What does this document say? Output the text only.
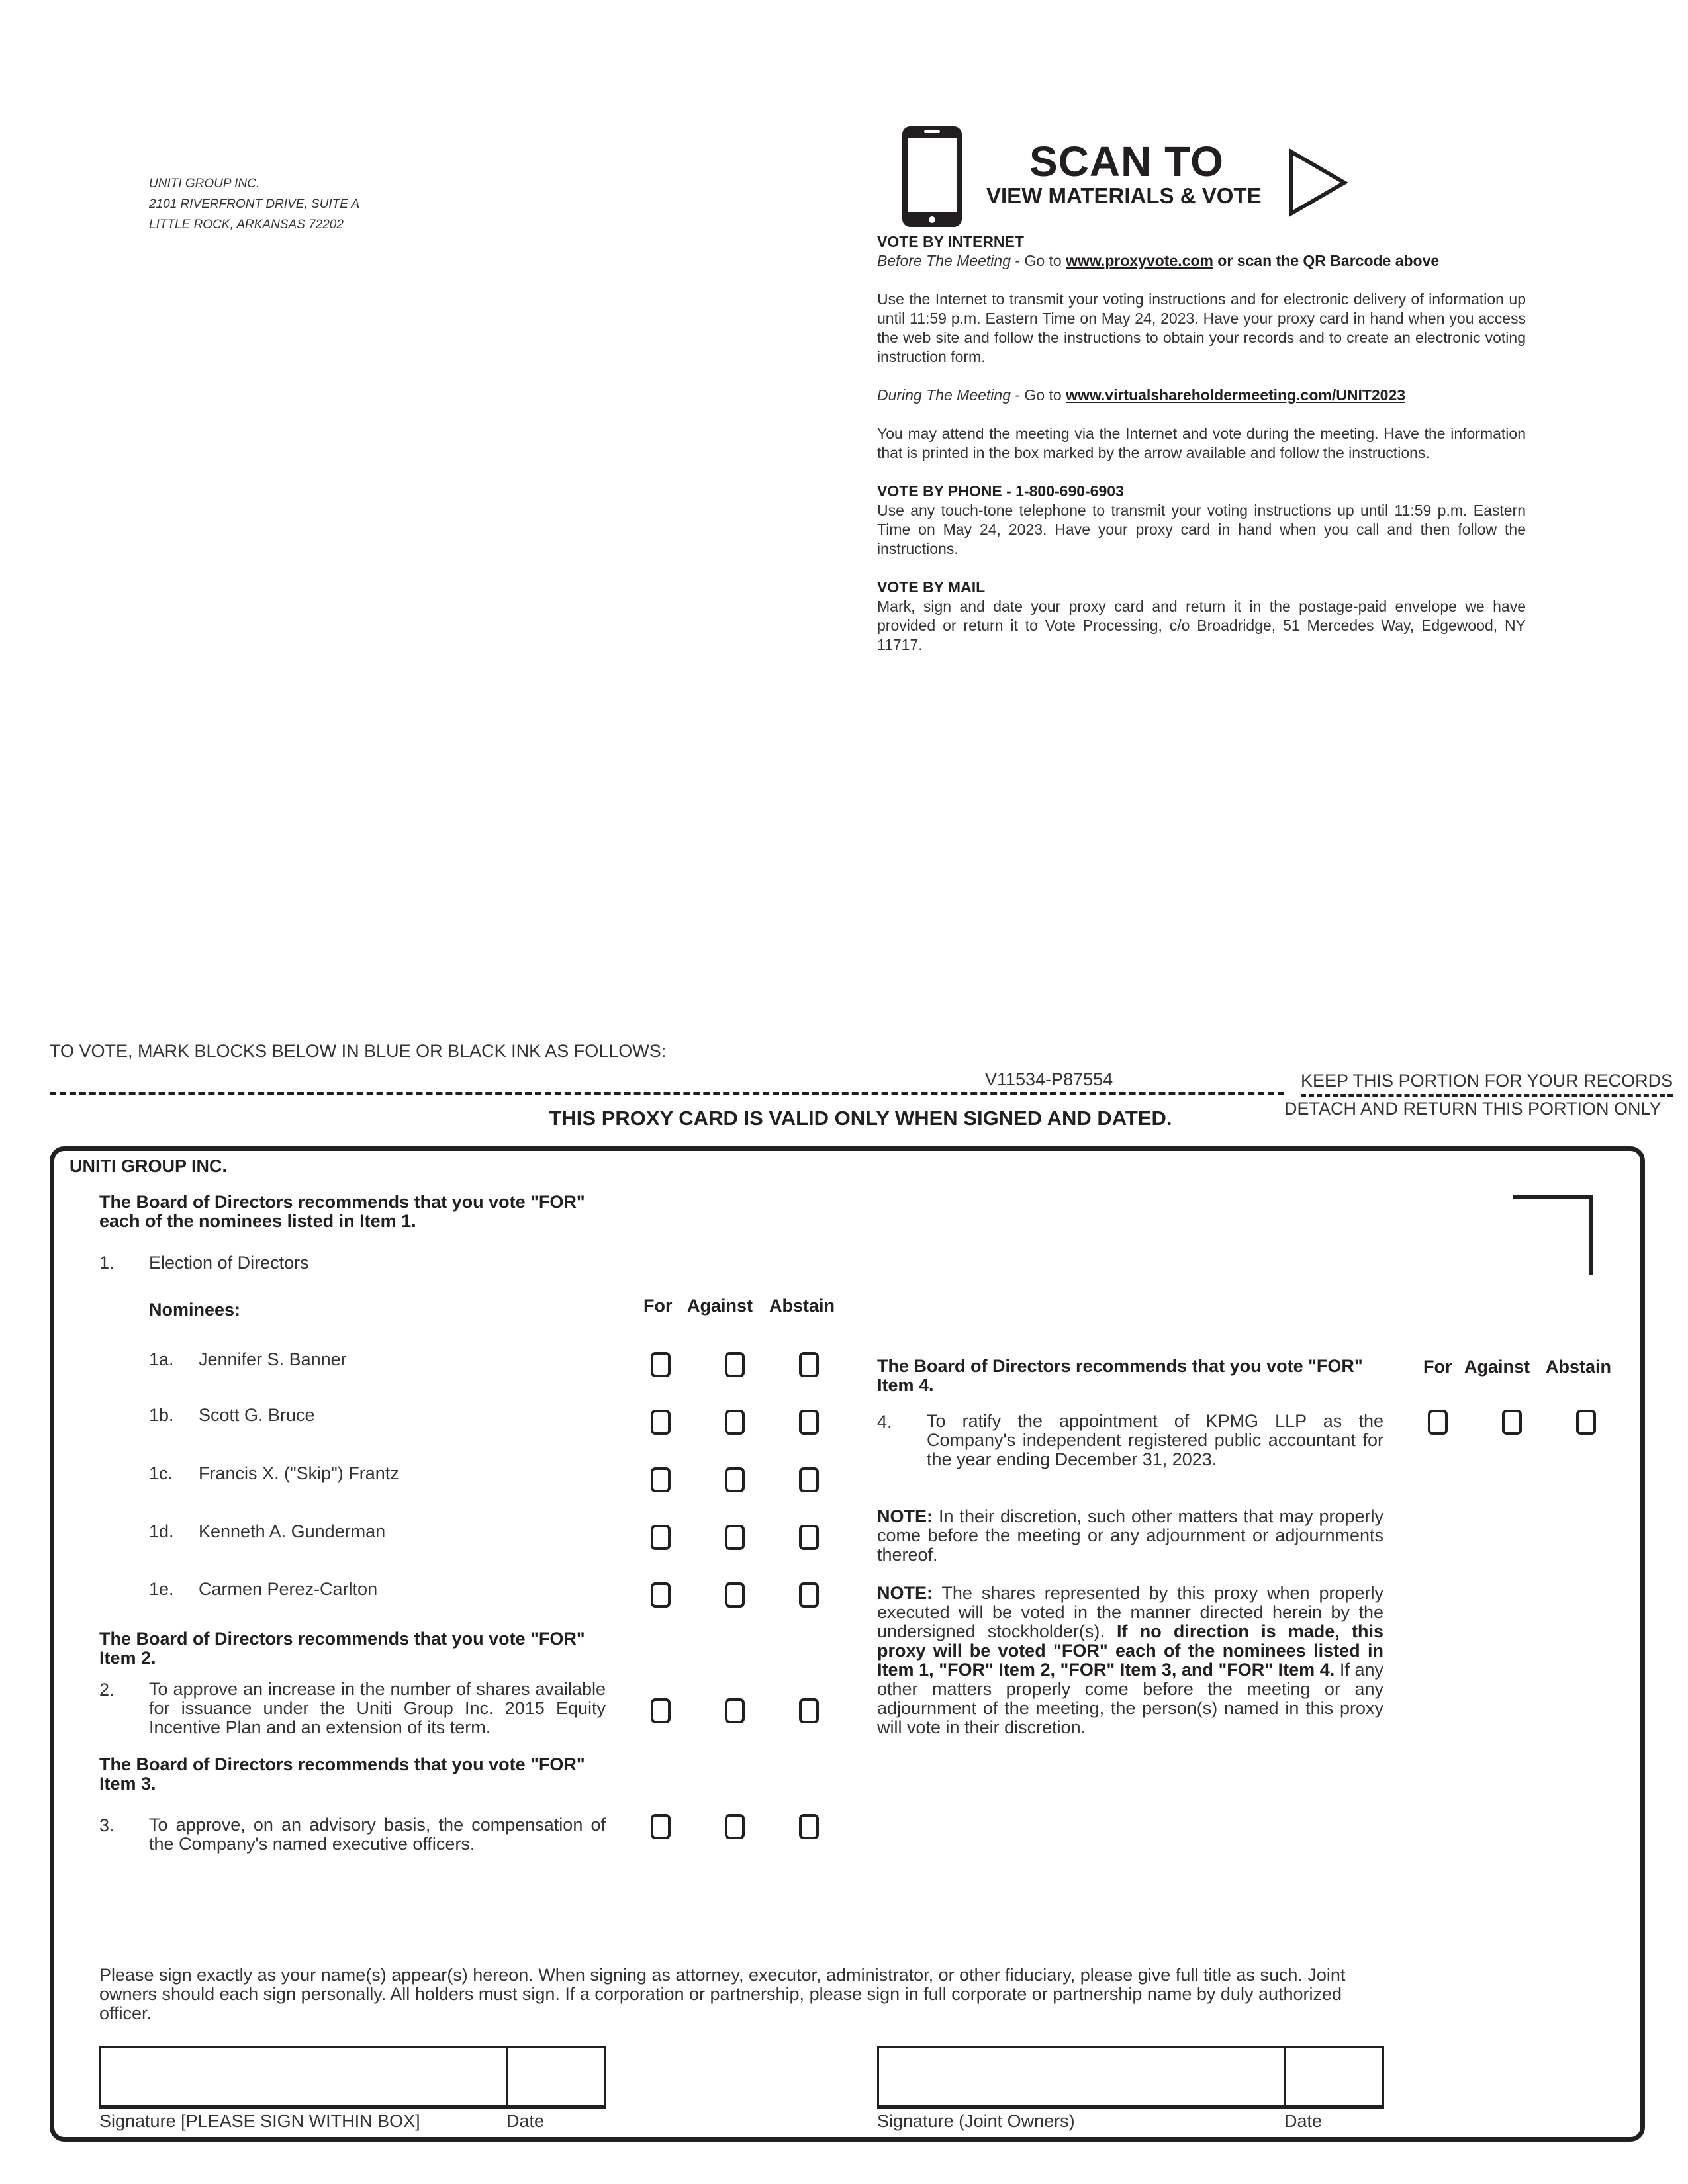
UNITI GROUP INC.
2101 RIVERFRONT DRIVE, SUITE A
LITTLE ROCK, ARKANSAS 72202
SCAN TO
VIEW MATERIALS & VOTE

VOTE BY INTERNET

Before The Meeting - Go to www.proxyvote.com or scan the QR Barcode above

Use the Internet to transmit your voting instructions and for electronic delivery of information up until 11:59 p.m. Eastern Time on May 24, 2023. Have your proxy card in hand when you access the web site and follow the instructions to obtain your records and to create an electronic voting instruction form.

During The Meeting - Go to www.virtualshareholdermeeting.com/UNIT2023

You may attend the meeting via the Internet and vote during the meeting. Have the information that is printed in the box marked by the arrow available and follow the instructions.

VOTE BY PHONE - 1-800-690-6903

Use any touch-tone telephone to transmit your voting instructions up until 11:59 p.m. Eastern Time on May 24, 2023. Have your proxy card in hand when you call and then follow the instructions.

VOTE BY MAIL

Mark, sign and date your proxy card and return it in the postage-paid envelope we have provided or return it to Vote Processing, c/o Broadridge, 51 Mercedes Way, Edgewood, NY 11717.

TO VOTE, MARK BLOCKS BELOW IN BLUE OR BLACK INK AS FOLLOWS:
V11534-P87554	KEEP THIS PORTION FOR YOUR RECORDS
DETACH AND RETURN THIS PORTION ONLY
THIS PROXY CARD IS VALID ONLY WHEN SIGNED AND DATED.
UNITI GROUP INC.
The Board of Directors recommends that you vote "FOR" each of the nominees listed in Item 1.
1. Election of Directors
Nominees:	For Against Abstain
1a. Jennifer S. Banner
1b. Scott G. Bruce
1c. Francis X. ("Skip") Frantz
1d. Kenneth A. Gunderman
1e. Carmen Perez-Carlton
The Board of Directors recommends that you vote "FOR" Item 2.
2. To approve an increase in the number of shares available for issuance under the Uniti Group Inc. 2015 Equity Incentive Plan and an extension of its term.
The Board of Directors recommends that you vote "FOR" Item 3.
3. To approve, on an advisory basis, the compensation of the Company's named executive officers.
The Board of Directors recommends that you vote "FOR" Item 4.
For Against Abstain
4. To ratify the appointment of KPMG LLP as the Company's independent registered public accountant for the year ending December 31, 2023.
NOTE: In their discretion, such other matters that may properly come before the meeting or any adjournment or adjournments thereof.
NOTE: The shares represented by this proxy when properly executed will be voted in the manner directed herein by the undersigned stockholder(s). If no direction is made, this proxy will be voted "FOR" each of the nominees listed in Item 1, "FOR" Item 2, "FOR" Item 3, and "FOR" Item 4. If any other matters properly come before the meeting or any adjournment of the meeting, the person(s) named in this proxy will vote in their discretion.
Please sign exactly as your name(s) appear(s) hereon. When signing as attorney, executor, administrator, or other fiduciary, please give full title as such. Joint owners should each sign personally. All holders must sign. If a corporation or partnership, please sign in full corporate or partnership name by duly authorized officer.
Signature [PLEASE SIGN WITHIN BOX]	Date	Signature (Joint Owners)	Date
